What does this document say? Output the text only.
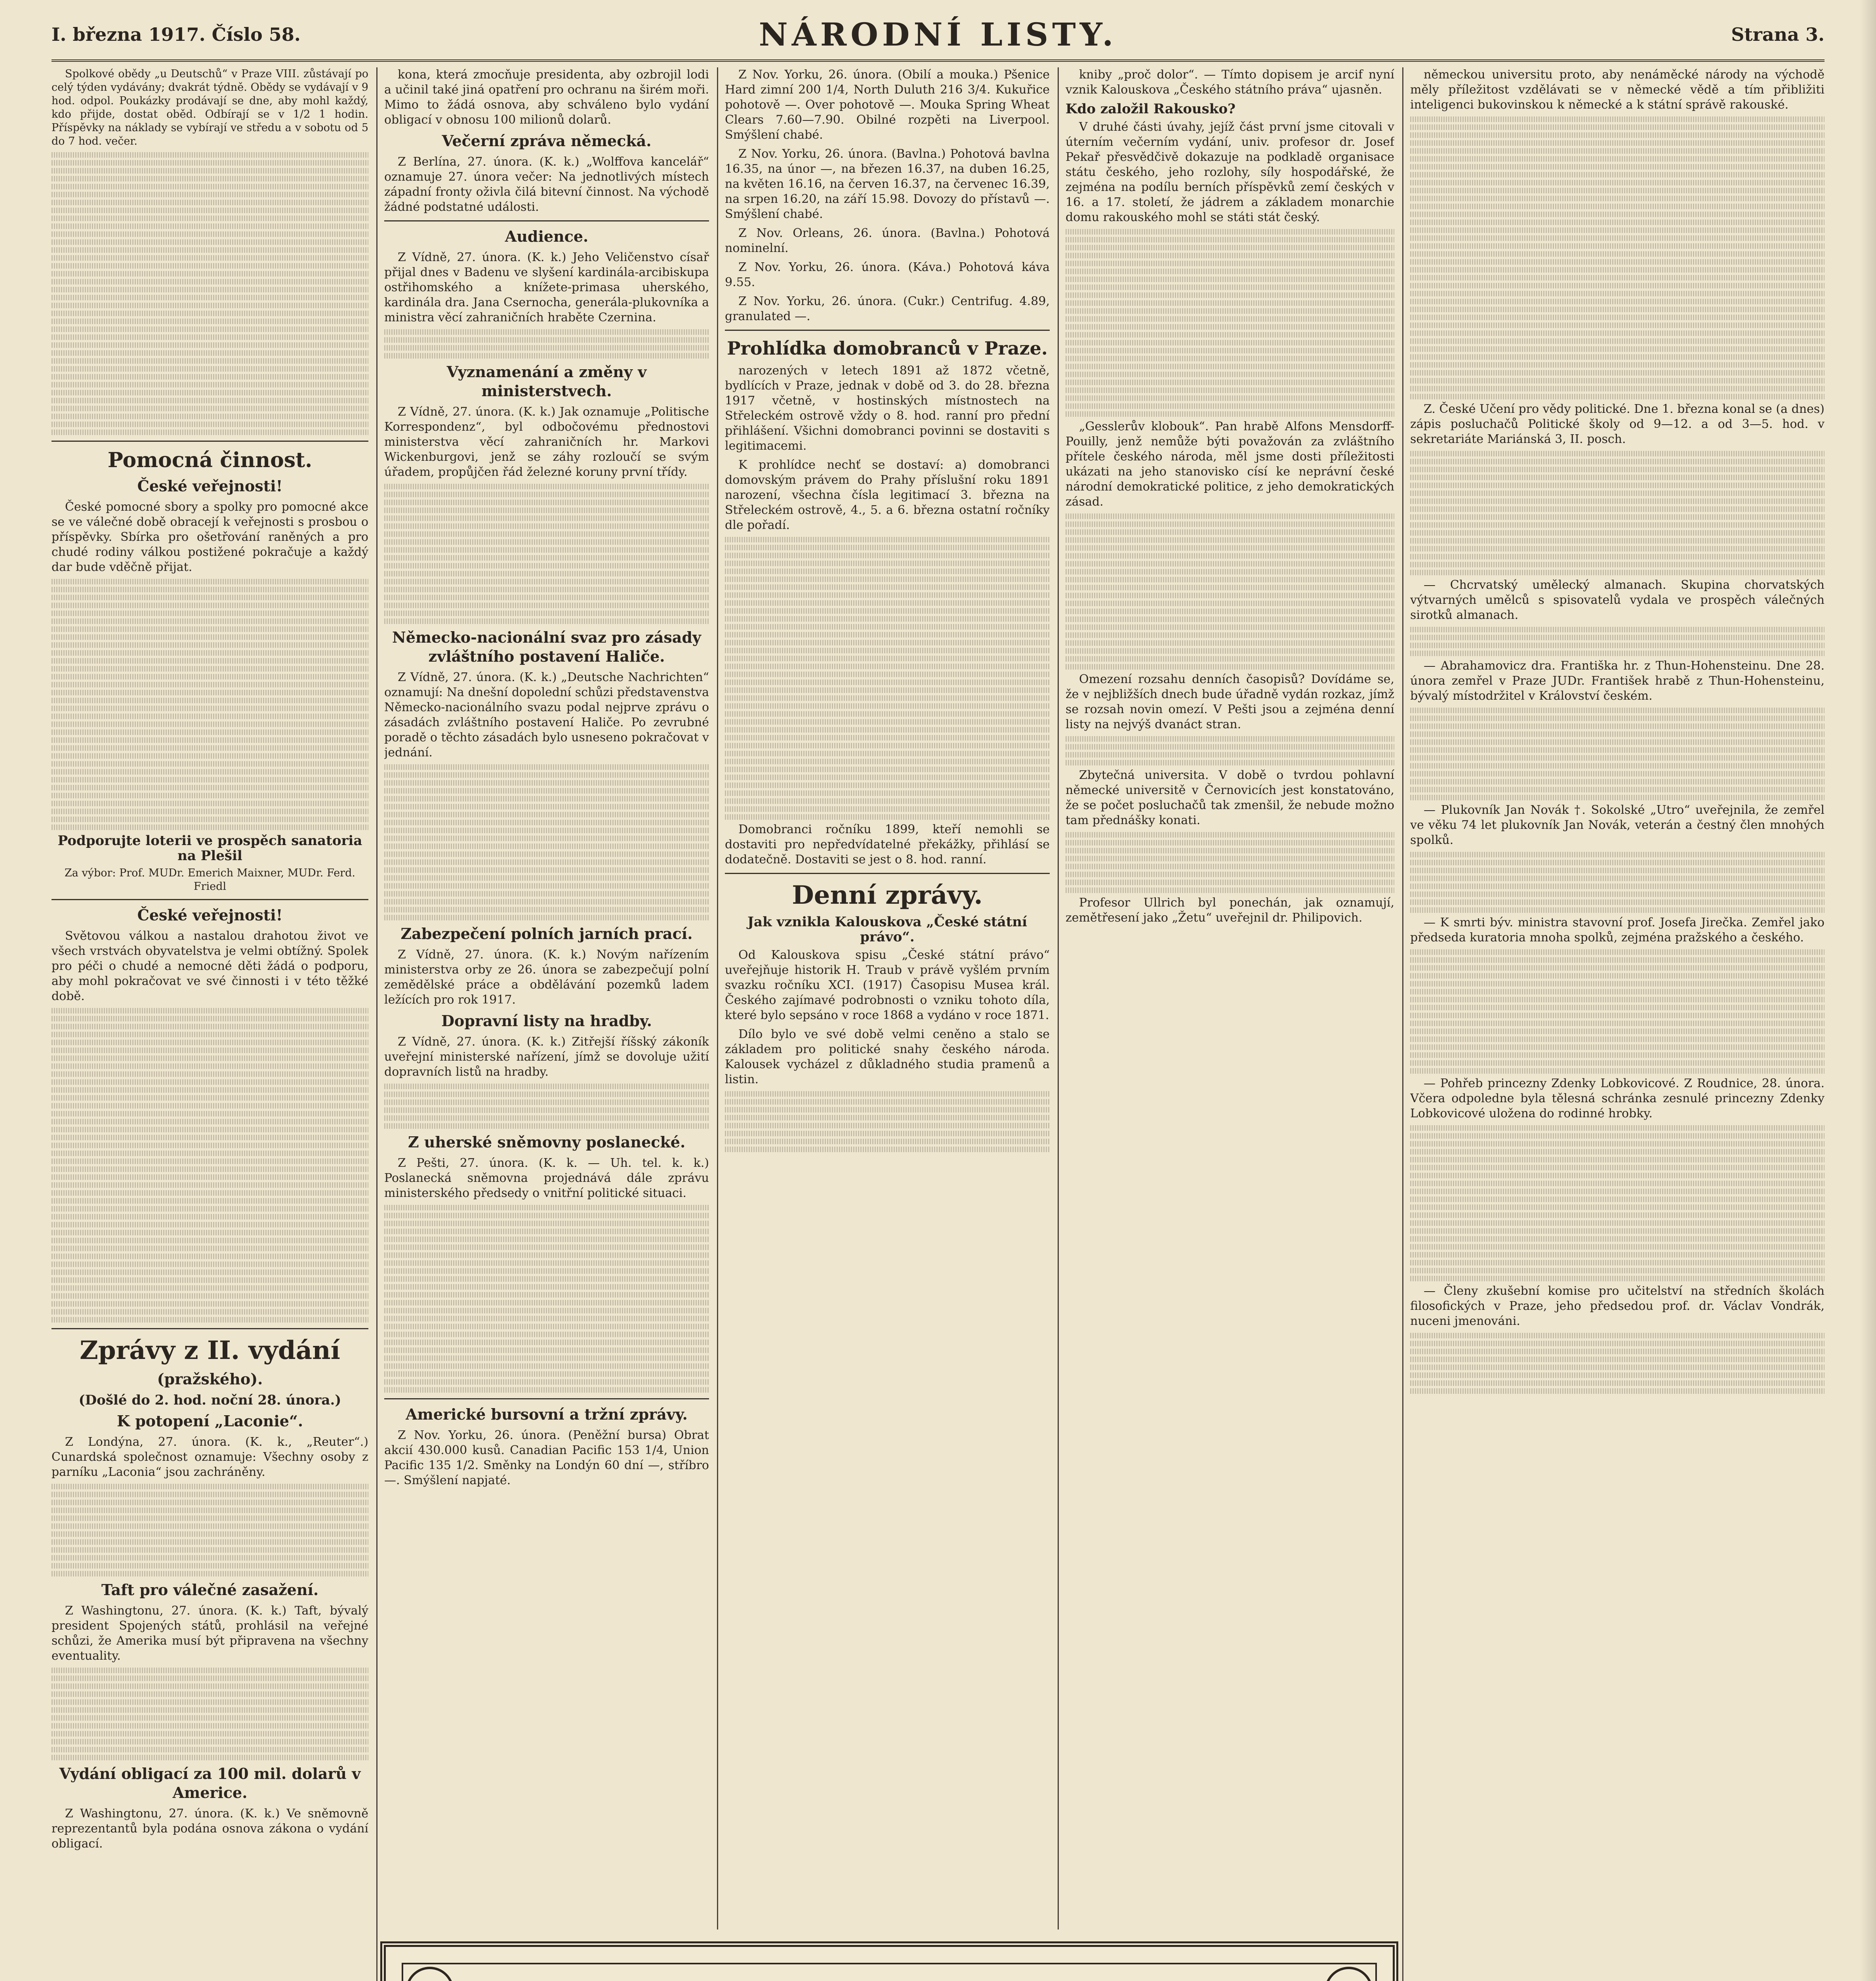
I. března 1917. Číslo 58.	NÁRODNÍ LISTY.	Strana 3.

Spolkové obědy „u Deutschů“ v Praze VIII. zůstávají po celý týden vydávány; dvakrát týdně. Obědy se vydávají v 9 hod. odpol. Poukázky prodávají se dne, aby mohl každý, kdo přijde, dostat oběd. Odbírají se v 1/2 1 hodin. Příspěvky na náklady se vybírají ve středu a v sobotu od 5 do 7 hod. večer.

Pomocná činnost.
České veřejnosti!

České pomocné sbory a spolky pro pomocné akce se ve válečné době obracejí k veřejnosti s prosbou o příspěvky. Sbírka pro ošetřování raněných a pro chudé rodiny válkou postižené pokračuje a každý dar bude vděčně přijat.

Podporujte loterii ve prospěch sanatoria na Plešil

Za výbor: Prof. MUDr. Emerich Maixner, MUDr. Ferd. Friedl

České veřejnosti!

Světovou válkou a nastalou drahotou život ve všech vrstvách obyvatelstva je velmi obtížný. Spolek pro péči o chudé a nemocné děti žádá o podporu, aby mohl pokračovat ve své činnosti i v této těžké době.

Zprávy z II. vydání
(pražského).
(Došlé do 2. hod. noční 28. února.)
K potopení „Laconie“.

Z Londýna, 27. února. (K. k., „Reuter“.) Cunardská společnost oznamuje: Všechny osoby z parníku „Laconia“ jsou zachráněny.

Taft pro válečné zasažení.

Z Washingtonu, 27. února. (K. k.) Taft, bývalý president Spojených států, prohlásil na veřejné schůzi, že Amerika musí být připravena na všechny eventuality.

Vydání obligací za 100 mil. dolarů v Americe.

Z Washingtonu, 27. února. (K. k.) Ve sněmovně reprezentantů byla podána osnova zákona o vydání obligací.

kona, která zmocňuje presidenta, aby ozbrojil lodi a učinil také jiná opatření pro ochranu na širém moři. Mimo to žádá osnova, aby schváleno bylo vydání obligací v obnosu 100 milionů dolarů.

Večerní zpráva německá.

Z Berlína, 27. února. (K. k.) „Wolffova kancelář“ oznamuje 27. února večer: Na jednotlivých místech západní fronty oživla čilá bitevní činnost. Na východě žádné podstatné události.

Audience.

Z Vídně, 27. února. (K. k.) Jeho Veličenstvo císař přijal dnes v Badenu ve slyšení kardinála-arcibiskupa ostřihomského a knížete-primasa uherského, kardinála dra. Jana Csernocha, generála-plukovníka a ministra věcí zahraničních hraběte Czernina.

Vyznamenání a změny v ministerstvech.

Z Vídně, 27. února. (K. k.) Jak oznamuje „Politische Korrespondenz“, byl odbočovému přednostovi ministerstva věcí zahraničních hr. Markovi Wickenburgovi, jenž se záhy rozloučí se svým úřadem, propůjčen řád železné koruny první třídy.

Německo-nacionální svaz pro zásady zvláštního postavení Haliče.

Z Vídně, 27. února. (K. k.) „Deutsche Nachrichten“ oznamují: Na dnešní dopolední schůzi představenstva Německo-nacionálního svazu podal nejprve zprávu o zásadách zvláštního postavení Haliče. Po zevrubné poradě o těchto zásadách bylo usneseno pokračovat v jednání.

Zabezpečení polních jarních prací.

Z Vídně, 27. února. (K. k.) Novým nařízením ministerstva orby ze 26. února se zabezpečují polní zemědělské práce a obdělávání pozemků ladem ležících pro rok 1917.

Dopravní listy na hradby.

Z Vídně, 27. února. (K. k.) Zitřejší říšský zákoník uveřejní ministerské nařízení, jímž se dovoluje užití dopravních listů na hradby.

Z uherské sněmovny poslanecké.

Z Pešti, 27. února. (K. k. — Uh. tel. k. k.) Poslanecká sněmovna projednává dále zprávu ministerského předsedy o vnitřní politické situaci.

Americké bursovní a tržní zprávy.

Z Nov. Yorku, 26. února. (Peněžní bursa) Obrat akcií 430.000 kusů. Canadian Pacific 153 1/4, Union Pacific 135 1/2. Směnky na Londýn 60 dní —, stříbro —. Smýšlení napjaté.

Z Nov. Yorku, 26. února. (Obilí a mouka.) Pšenice Hard zimní 200 1/4, North Duluth 216 3/4. Kukuřice pohotově —. Over pohotově —. Mouka Spring Wheat Clears 7.60—7.90. Obilné rozpěti na Liverpool. Smýšlení chabé.

Z Nov. Yorku, 26. února. (Bavlna.) Pohotová bavlna 16.35, na únor —, na březen 16.37, na duben 16.25, na květen 16.16, na červen 16.37, na červenec 16.39, na srpen 16.20, na září 15.98. Dovozy do přístavů —. Smýšlení chabé.

Z Nov. Orleans, 26. února. (Bavlna.) Pohotová nominelní.

Z Nov. Yorku, 26. února. (Káva.) Pohotová káva 9.55.

Z Nov. Yorku, 26. února. (Cukr.) Centrifug. 4.89, granulated —.

Prohlídka domobranců v Praze.

narozených v letech 1891 až 1872 včetně, bydlících v Praze, jednak v době od 3. do 28. března 1917 včetně, v hostinských místnostech na Střeleckém ostrově vždy o 8. hod. ranní pro přední přihlášení. Všichni domobranci povinni se dostaviti s legitimacemi.

K prohlídce nechť se dostaví: a) domobranci domovským právem do Prahy příslušní roku 1891 narození, všechna čísla legitimací 3. března na Střeleckém ostrově, 4., 5. a 6. března ostatní ročníky dle pořadí.

Domobranci ročníku 1899, kteří nemohli se dostaviti pro nepředvídatelné překážky, přihlásí se dodatečně. Dostaviti se jest o 8. hod. ranní.

Denní zprávy.
Jak vznikla Kalouskova „České státní právo“.

Od Kalouskova spisu „České státní právo“ uveřejňuje historik H. Traub v právě vyšlém prvním svazku ročníku XCI. (1917) Časopisu Musea král. Českého zajímavé podrobnosti o vzniku tohoto díla, které bylo sepsáno v roce 1868 a vydáno v roce 1871.

Dílo bylo ve své době velmi ceněno a stalo se základem pro politické snahy českého národa. Kalousek vycházel z důkladného studia pramenů a listin.

kniby „proč dolor“. — Tímto dopisem je arcif nyní vznik Kalouskova „Českého státního práva“ ujasněn.

Kdo založil Rakousko?

V druhé části úvahy, jejíž část první jsme citovali v úterním večerním vydání, univ. profesor dr. Josef Pekař přesvědčivě dokazuje na podkladě organisace státu českého, jeho rozlohy, síly hospodářské, že zejména na podílu berních příspěvků zemí českých v 16. a 17. století, že jádrem a základem monarchie domu rakouského mohl se státi stát český.

„Gesslerův klobouk“. Pan hrabě Alfons Mensdorff-Pouilly, jenž nemůže býti považován za zvláštního přítele českého národa, měl jsme dosti příležitosti ukázati na jeho stanovisko císí ke neprávní české národní demokratické politice, z jeho demokratických zásad.

Omezení rozsahu denních časopisů? Dovídáme se, že v nejbližších dnech bude úřadně vydán rozkaz, jímž se rozsah novin omezí. V Pešti jsou a zejména denní listy na nejvýš dvanáct stran.

Zbytečná universita. V době o tvrdou pohlavní německé universitě v Černovicích jest konstatováno, že se počet posluchačů tak zmenšil, že nebude možno tam přednášky konati.

Profesor Ullrich byl ponechán, jak oznamují, zemětřesení jako „Žetu“ uveřejnil dr. Philipovich.

německou universitu proto, aby nenáměcké národy na východě měly příležitost vzdělávati se v německé vědě a tím přibližiti inteligenci bukovinskou k německé a k státní správě rakouské.

Z. České Učení pro vědy politické. Dne 1. března konal se (a dnes) zápis posluchačů Politické školy od 9—12. a od 3—5. hod. v sekretariáte Mariánská 3, II. posch.

— Chcrvatský umělecký almanach. Skupina chorvatských výtvarných umělců s spisovatelů vydala ve prospěch válečných sirotků almanach.

— Abrahamovicz dra. Františka hr. z Thun-Hohensteinu. Dne 28. února zemřel v Praze JUDr. František hrabě z Thun-Hohensteinu, bývalý místodržitel v Království českém.

— Plukovník Jan Novák †. Sokolské „Utro“ uveřejnila, že zemřel ve věku 74 let plukovník Jan Novák, veterán a čestný člen mnohých spolků.

— K smrti býv. ministra stavovní prof. Josefa Jirečka. Zemřel jako předseda kuratoria mnoha spolků, zejména pražského a českého.

— Pohřeb princezny Zdenky Lobkovicové. Z Roudnice, 28. února. Včera odpoledne byla tělesná schránka zesnulé princezny Zdenky Lobkovicové uložena do rodinné hrobky.

— Členy zkušební komise pro učitelství na středních školách filosofických v Praze, jeho předsedou prof. dr. Václav Vondrák, nuceni jmenováni.
